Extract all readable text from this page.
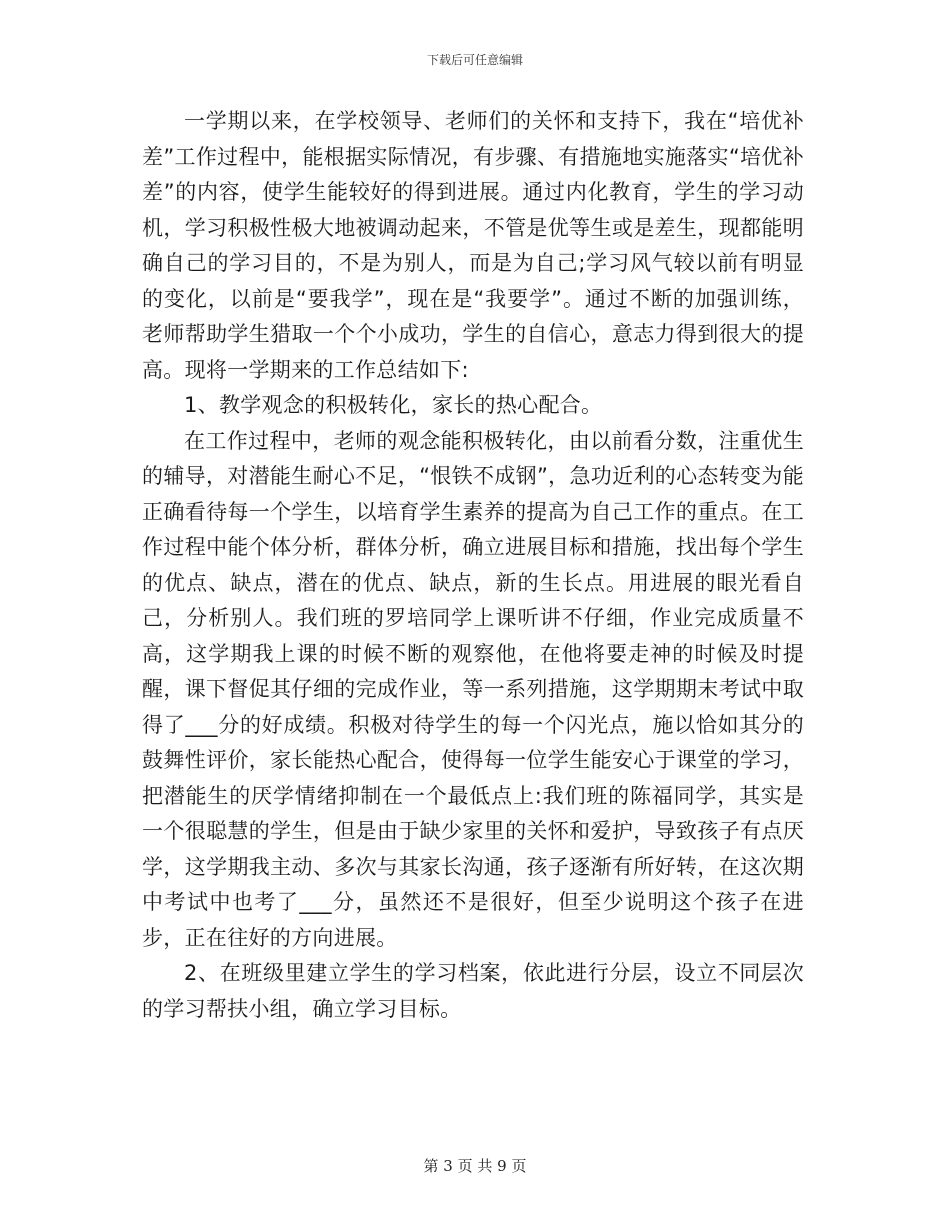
下载后可任意编辑

一学期以来，在学校领导、老师们的关怀和支持下，我在“培优补差”工作过程中，能根据实际情况，有步骤、有措施地实施落实“培优补差”的内容，使学生能较好的得到进展。通过内化教育，学生的学习动机，学习积极性极大地被调动起来，不管是优等生或是差生，现都能明确自己的学习目的，不是为别人，而是为自己;学习风气较以前有明显的变化，以前是“要我学”，现在是“我要学”。通过不断的加强训练，老师帮助学生猎取一个个小成功，学生的自信心，意志力得到很大的提高。现将一学期来的工作总结如下:

1、教学观念的积极转化，家长的热心配合。

在工作过程中，老师的观念能积极转化，由以前看分数，注重优生的辅导，对潜能生耐心不足，“恨铁不成钢”，急功近利的心态转变为能正确看待每一个学生，以培育学生素养的提高为自己工作的重点。在工作过程中能个体分析，群体分析，确立进展目标和措施，找出每个学生的优点、缺点，潜在的优点、缺点，新的生长点。用进展的眼光看自己，分析别人。我们班的罗培同学上课听讲不仔细，作业完成质量不高，这学期我上课的时候不断的观察他，在他将要走神的时候及时提醒，课下督促其仔细的完成作业，等一系列措施，这学期期末考试中取得了___分的好成绩。积极对待学生的每一个闪光点，施以恰如其分的鼓舞性评价，家长能热心配合，使得每一位学生能安心于课堂的学习，把潜能生的厌学情绪抑制在一个最低点上:我们班的陈福同学，其实是一个很聪慧的学生，但是由于缺少家里的关怀和爱护，导致孩子有点厌学，这学期我主动、多次与其家长沟通，孩子逐渐有所好转，在这次期中考试中也考了___分，虽然还不是很好，但至少说明这个孩子在进步，正在往好的方向进展。

2、在班级里建立学生的学习档案，依此进行分层，设立不同层次的学习帮扶小组，确立学习目标。

第 3 页 共 9 页
